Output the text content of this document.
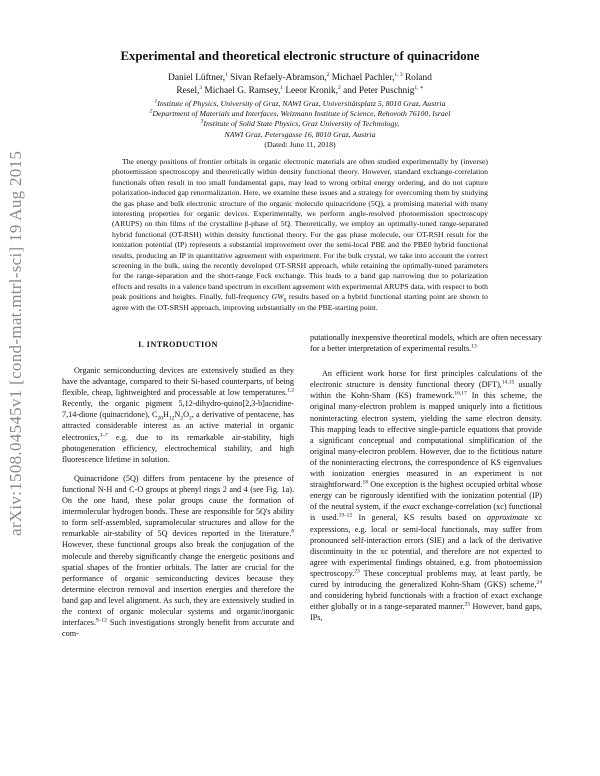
arXiv:1508.04545v1 [cond-mat.mtrl-sci] 19 Aug 2015
Experimental and theoretical electronic structure of quinacridone
Daniel Lüftner,$^1$ Sivan Refaely-Abramson,$^2$ Michael Pachler,$^{1, 3}$ Roland
Resel,$^3$ Michael G. Ramsey,$^1$ Leeor Kronik,$^2$ and Peter Puschnig$^{1, ∗}$
$^1$Institute of Physics, University of Graz, NAWI Graz, Universitätsplatz 5, 8010 Graz, Austria
$^2$Department of Materials and Interfaces, Weizmann Institute of Science, Rehovoth 76100, Israel
$^3$Institute of Solid State Physics, Graz University of Technology,
NAWI Graz, Petersgasse 16, 8010 Graz, Austria
(Dated: June 11, 2018)
The energy positions of frontier orbitals in organic electronic materials are often studied experimentally by (inverse) photoemission spectroscopy and theoretically within density functional theory. However, standard exchange-correlation functionals often result in too small fundamental gaps, may lead to wrong orbital energy ordering, and do not capture polarization-induced gap renormalization. Here, we examine these issues and a strategy for overcoming them by studying the gas phase and bulk electronic structure of the organic molecule quinacridone (5Q), a promising material with many interesting properties for organic devices. Experimentally, we perform angle-resolved photoemission spectroscopy (ARUPS) on thin films of the crystalline β-phase of 5Q. Theoretically, we employ an optimally-tuned range-separated hybrid functional (OT-RSH) within density functional theory. For the gas phase molecule, our OT-RSH result for the ionization potential (IP) represents a substantial improvement over the semi-local PBE and the PBE0 hybrid functional results, producing an IP in quantitative agreement with experiment. For the bulk crystal, we take into account the correct screening in the bulk, using the recently developed OT-SRSH approach, while retaining the optimally-tuned parameters for the range-separation and the short-range Fock exchange. This leads to a band gap narrowing due to polarization effects and results in a valence band spectrum in excellent agreement with experimental ARUPS data, with respect to both peak positions and heights. Finally, full-frequency $GW_0$ results based on a hybrid functional starting point are shown to agree with the OT-SRSH approach, improving substantially on the PBE-starting point.
I. INTRODUCTION

Organic semiconducting devices are extensively studied as they have the advantage, compared to their Si-based counterparts, of being flexible, cheap, lightweighted and processable at low temperatures.$^{1,2}$ Recently, the organic pigment 5,12-dihydro-quino[2,3-b]acridine-7,14-dione (quinacridone), $C_{20}H_{12}N_2O_2$, a derivative of pentacene, has attracted considerable interest as an active material in organic electronics,$^{3-7}$ e.g. due to its remarkable air-stability, high photogeneration efficiency, electrochemical stability, and high fluorescence lifetime in solution.

Quinacridone (5Q) differs from pentacene by the presence of functional N-H and C-O groups at phenyl rings 2 and 4 (see Fig. 1a). On the one hand, these polar groups cause the formation of intermolecular hydrogen bonds. These are responsible for 5Q's ability to form self-assembled, supramolecular structures and allow for the remarkable air-stability of 5Q devices reported in the literature.$^8$ However, these functional groups also break the conjugation of the molecule and thereby significantly change the energetic positions and spatial shapes of the frontier orbitals. The latter are crucial for the performance of organic semiconducting devices because they determine electron removal and insertion energies and therefore the band gap and level alignment. As such, they are extensively studied in the context of organic molecular systems and organic/inorganic interfaces.$^{9-12}$ Such investigations strongly benefit from accurate and com-

putationally inexpensive theoretical models, which are often necessary for a better interpretation of experimental results.$^{13}$

An efficient work horse for first principles calculations of the electronic structure is density functional theory (DFT),$^{14,15}$ usually within the Kohn-Sham (KS) framework.$^{16,17}$ In this scheme, the original many-electron problem is mapped uniquely into a fictitious noninteracting electron system, yielding the same electron density. This mapping leads to effective single-particle equations that provide a significant conceptual and computational simplification of the original many-electron problem. However, due to the fictitious nature of the noninteracting electrons, the correspondence of KS eigenvalues with ionization energies measured in an experiment is not straightforward.$^{18}$ One exception is the highest occupied orbital whose energy can be rigorously identified with the ionization potential (IP) of the neutral system, if the exact exchange-correlation (xc) functional is used.$^{19-22}$ In general, KS results based on approximate xc expressions, e.g. local or semi-local functionals, may suffer from pronounced self-interaction errors (SIE) and a lack of the derivative discontinuity in the xc potential, and therefore are not expected to agree with experimental findings obtained, e.g. from photoemission spectroscopy.$^{23}$ These conceptual problems may, at least partly, be cured by introducing the generalized Kohn-Sham (GKS) scheme,$^{24}$ and considering hybrid functionals with a fraction of exact exchange either globally or in a range-separated manner.$^{25}$ However, band gaps, IPs,
